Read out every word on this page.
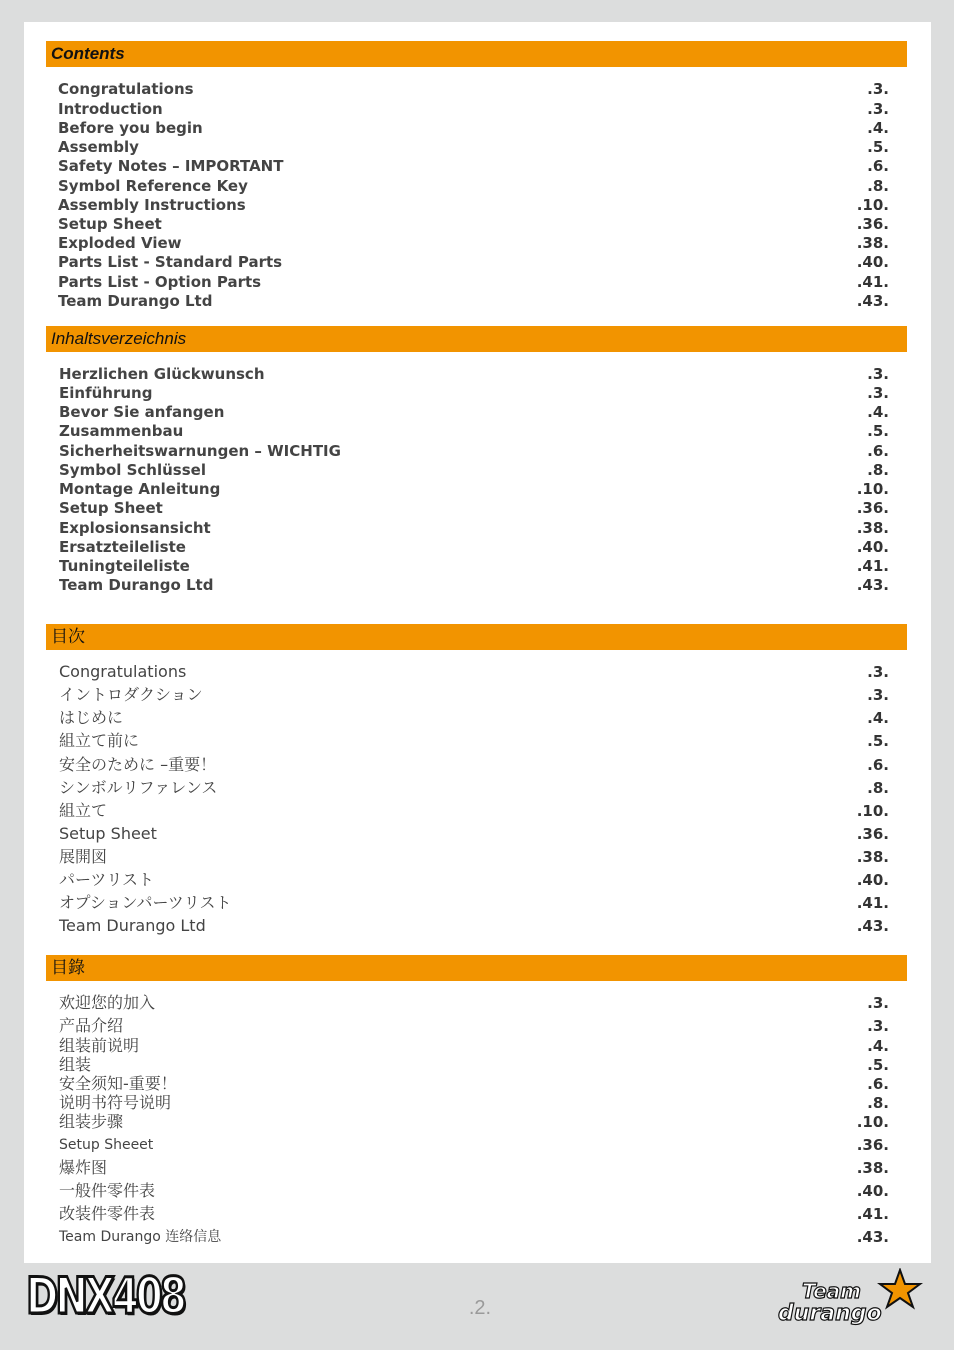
Contents
Congratulations	.3.
Introduction	.3.
Before you begin	.4.
Assembly	.5.
Safety Notes – IMPORTANT	.6.
Symbol Reference Key	.8.
Assembly Instructions	.10.
Setup Sheet	.36.
Exploded View	.38.
Parts List - Standard Parts	.40.
Parts List - Option Parts	.41.
Team Durango Ltd	.43.
Inhaltsverzeichnis
Herzlichen Glückwunsch	.3.
Einführung	.3.
Bevor Sie anfangen	.4.
Zusammenbau	.5.
Sicherheitswarnungen – WICHTIG	.6.
Symbol Schlüssel	.8.
Montage Anleitung	.10.
Setup Sheet	.36.
Explosionsansicht	.38.
Ersatzteileliste	.40.
Tuningteileliste	.41.
Team Durango Ltd	.43.
目次
Congratulations	.3.
イントロダクション	.3.
はじめに	.4.
組立て前に	.5.
安全のために –重要！	.6.
シンボルリファレンス	.8.
組立て	.10.
Setup Sheet	.36.
展開図	.38.
パーツリスト	.40.
オプションパーツリスト	.41.
Team Durango Ltd	.43.
目錄
欢迎您的加入	.3.
产品介绍	.3.
组装前说明	.4.
组装	.5.
安全须知-重要！	.6.
说明书符号说明	.8.
组装步骤	.10.
Setup Sheeet	.36.
爆炸图	.38.
一般件零件表	.40.
改装件零件表	.41.
Team Durango 连络信息	.43.
DNX408	.2.
Team
durango
